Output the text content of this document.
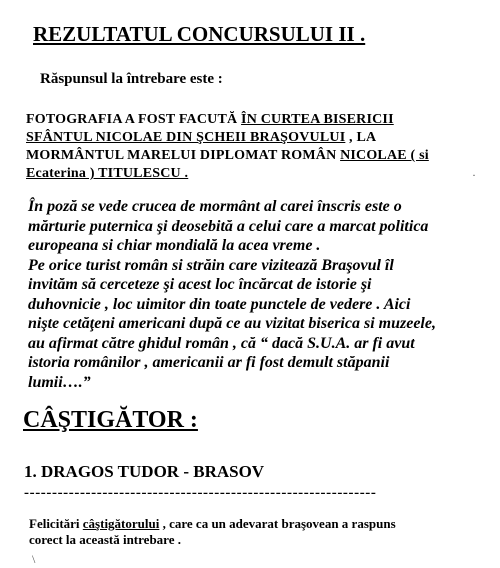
REZULTATUL CONCURSULUI II .
Răspunsul la întrebare este :
FOTOGRAFIA A FOST FACUTĂ ÎN CURTEA BISERICII
SFÂNTUL NICOLAE DIN ŞCHEII BRAŞOVULUI , LA
MORMÂNTUL MARELUI DIPLOMAT ROMÂN NICOLAE ( si
Ecaterina ) TITULESCU .
În poză se vede crucea de mormânt al carei înscris este o
mărturie puternica şi deosebită a celui care a marcat politica
europeana si chiar mondială la acea vreme .
Pe orice turist român si străin care vizitează Braşovul îl
invităm să cerceteze şi acest loc încărcat de istorie şi
duhovnicie , loc uimitor din toate punctele de vedere . Aici
nişte cetăţeni americani după ce au vizitat biserica si muzeele,
au afirmat către ghidul român , că “ dacă S.U.A. ar fi avut
istoria românilor , americanii ar fi fost demult stăpanii
lumii….”
CÂŞTIGĂTOR :
1. DRAGOS TUDOR - BRASOV
---------------------------------------------------------------
Felicitări câştigătorului , care ca un adevarat braşovean a raspuns
corect la această intrebare .
·
\
